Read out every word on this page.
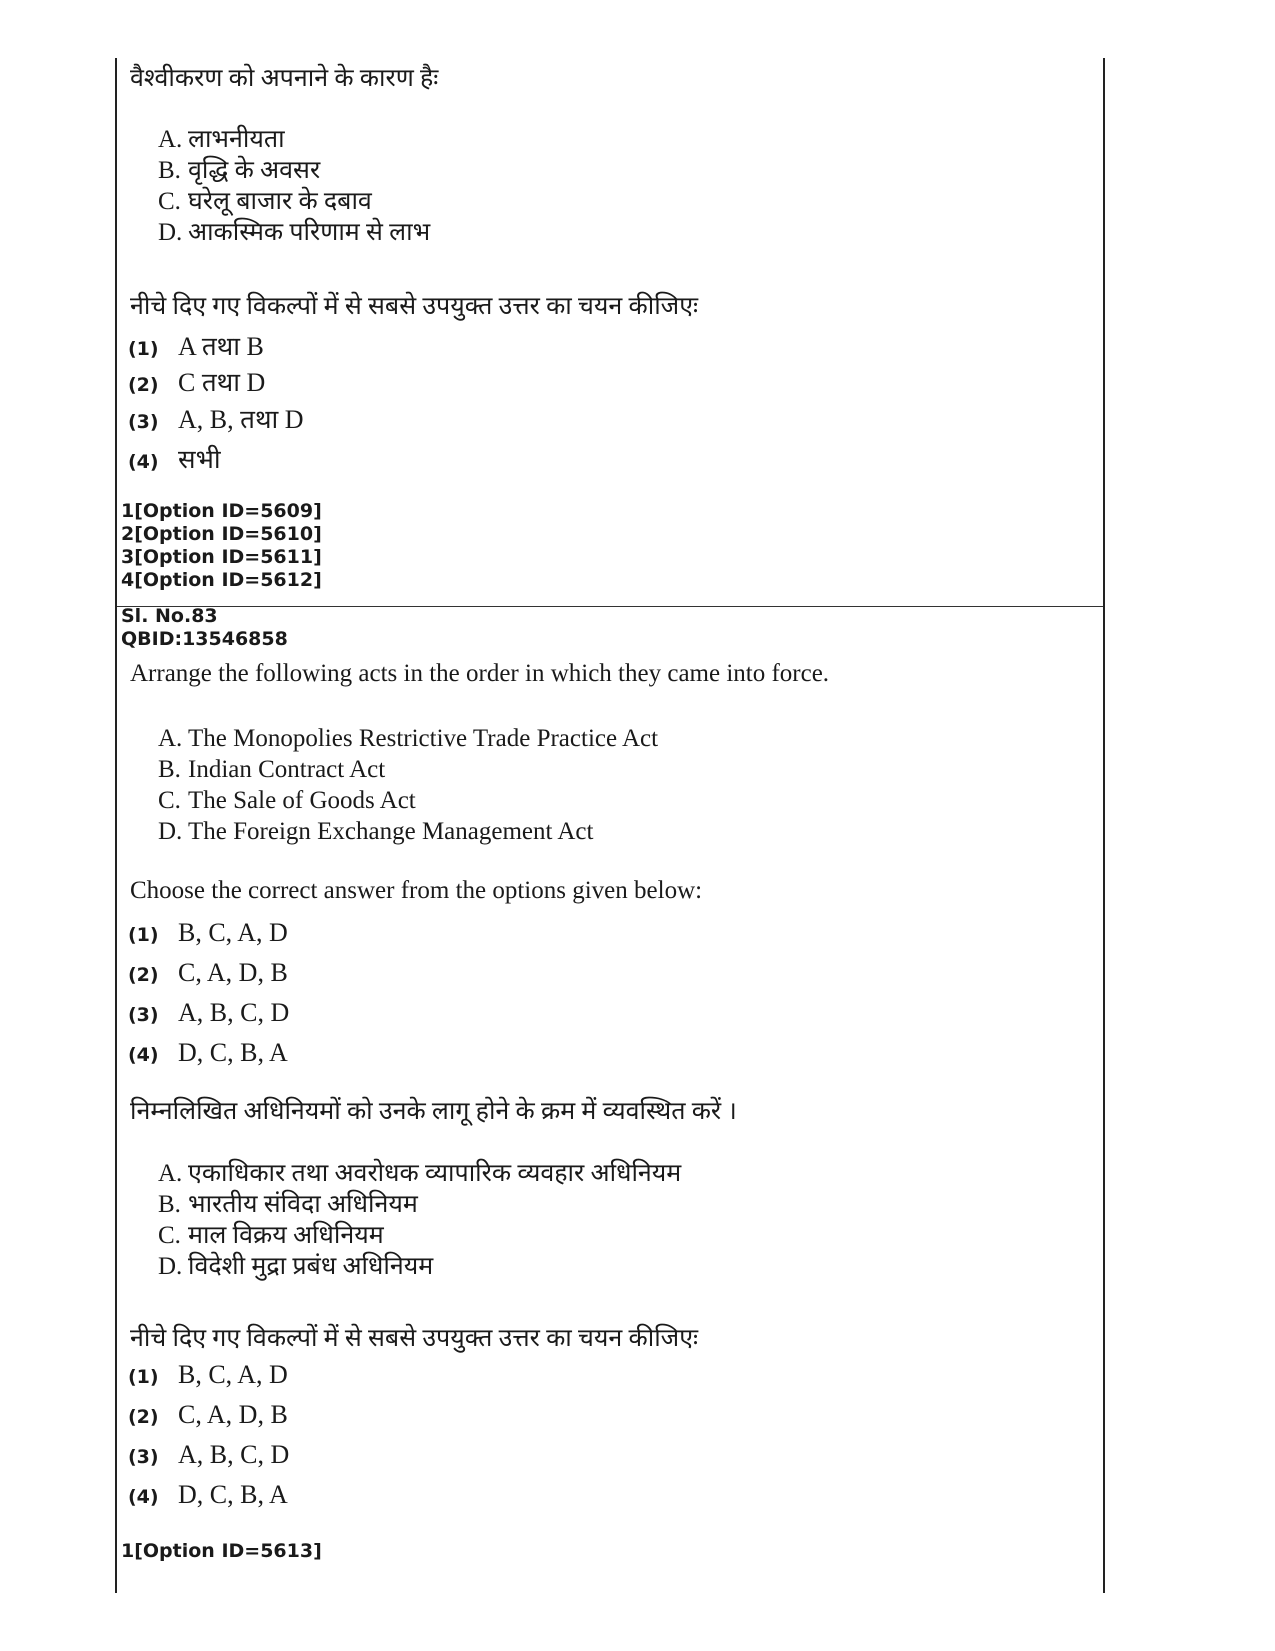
वैश्वीकरण को अपनाने के कारण हैः
A. लाभनीयता
B. वृद्धि के अवसर
C. घरेलू बाजार के दबाव
D. आकस्मिक परिणाम से लाभ
नीचे दिए गए विकल्पों में से सबसे उपयुक्त उत्तर का चयन कीजिएः
(1) A तथा B
(2) C तथा D
(3) A, B, तथा D
(4) सभी
1[Option ID=5609]
2[Option ID=5610]
3[Option ID=5611]
4[Option ID=5612]
Sl. No.83
QBID:13546858
Arrange the following acts in the order in which they came into force.
A. The Monopolies Restrictive Trade Practice Act
B. Indian Contract Act
C. The Sale of Goods Act
D. The Foreign Exchange Management Act
Choose the correct answer from the options given below:
(1) B, C, A, D
(2) C, A, D, B
(3) A, B, C, D
(4) D, C, B, A
निम्नलिखित अधिनियमों को उनके लागू होने के क्रम में व्यवस्थित करें ।
A. एकाधिकार तथा अवरोधक व्यापारिक व्यवहार अधिनियम
B. भारतीय संविदा अधिनियम
C. माल विक्रय अधिनियम
D. विदेशी मुद्रा प्रबंध अधिनियम
नीचे दिए गए विकल्पों में से सबसे उपयुक्त उत्तर का चयन कीजिएः
(1) B, C, A, D
(2) C, A, D, B
(3) A, B, C, D
(4) D, C, B, A
1[Option ID=5613]
